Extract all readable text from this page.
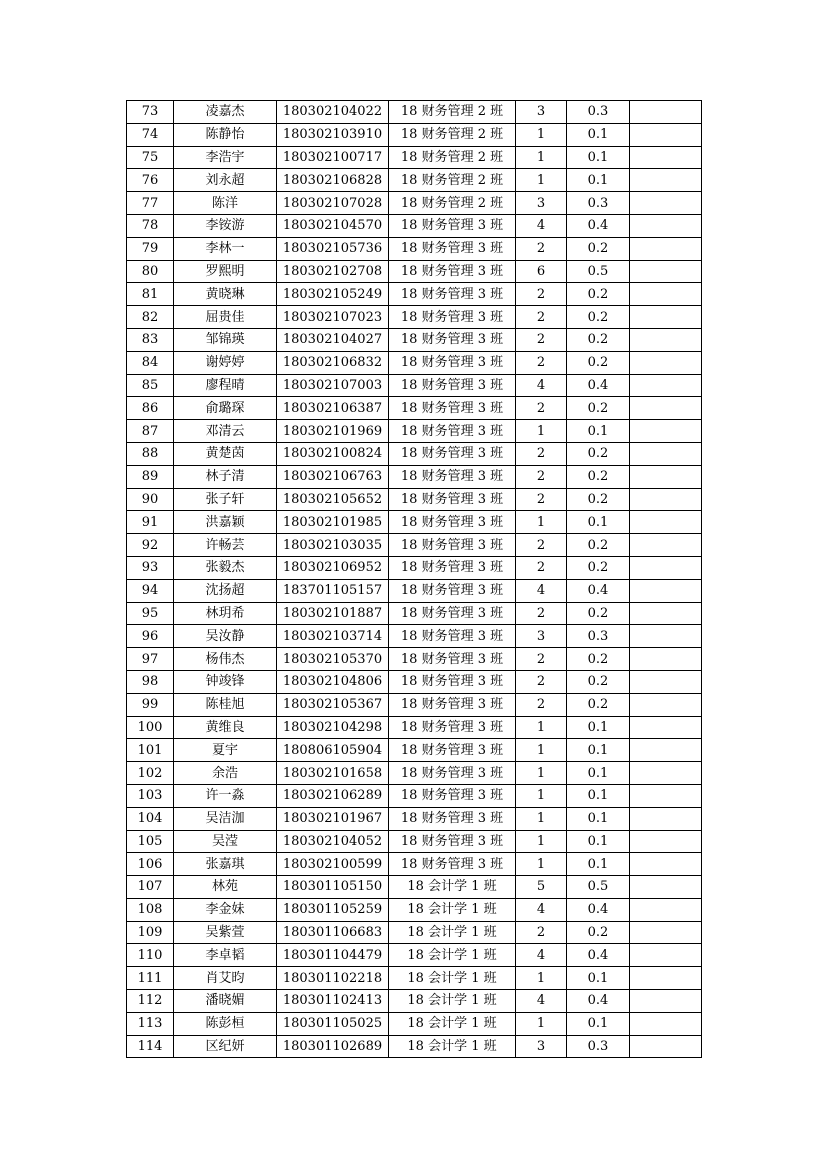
73	凌嘉杰	180302104022	18 财务管理 2 班	3	0.3	
74	陈静怡	180302103910	18 财务管理 2 班	1	0.1	
75	李浩宇	180302100717	18 财务管理 2 班	1	0.1	
76	刘永超	180302106828	18 财务管理 2 班	1	0.1	
77	陈洋	180302107028	18 财务管理 2 班	3	0.3	
78	李铵游	180302104570	18 财务管理 3 班	4	0.4	
79	李林一	180302105736	18 财务管理 3 班	2	0.2	
80	罗熙明	180302102708	18 财务管理 3 班	6	0.5	
81	黄晓琳	180302105249	18 财务管理 3 班	2	0.2	
82	屈贵佳	180302107023	18 财务管理 3 班	2	0.2	
83	邹锦瑛	180302104027	18 财务管理 3 班	2	0.2	
84	谢婷婷	180302106832	18 财务管理 3 班	2	0.2	
85	廖程晴	180302107003	18 财务管理 3 班	4	0.4	
86	俞璐琛	180302106387	18 财务管理 3 班	2	0.2	
87	邓清云	180302101969	18 财务管理 3 班	1	0.1	
88	黄楚茵	180302100824	18 财务管理 3 班	2	0.2	
89	林子清	180302106763	18 财务管理 3 班	2	0.2	
90	张子轩	180302105652	18 财务管理 3 班	2	0.2	
91	洪嘉颖	180302101985	18 财务管理 3 班	1	0.1	
92	许畅芸	180302103035	18 财务管理 3 班	2	0.2	
93	张毅杰	180302106952	18 财务管理 3 班	2	0.2	
94	沈扬超	183701105157	18 财务管理 3 班	4	0.4	
95	林玥希	180302101887	18 财务管理 3 班	2	0.2	
96	吴汝静	180302103714	18 财务管理 3 班	3	0.3	
97	杨伟杰	180302105370	18 财务管理 3 班	2	0.2	
98	钟竣锋	180302104806	18 财务管理 3 班	2	0.2	
99	陈桂旭	180302105367	18 财务管理 3 班	2	0.2	
100	黄维良	180302104298	18 财务管理 3 班	1	0.1	
101	夏宇	180806105904	18 财务管理 3 班	1	0.1	
102	余浩	180302101658	18 财务管理 3 班	1	0.1	
103	许一淼	180302106289	18 财务管理 3 班	1	0.1	
104	吴洁泇	180302101967	18 财务管理 3 班	1	0.1	
105	吴滢	180302104052	18 财务管理 3 班	1	0.1	
106	张嘉琪	180302100599	18 财务管理 3 班	1	0.1	
107	林苑	180301105150	18 会计学 1 班	5	0.5	
108	李金妹	180301105259	18 会计学 1 班	4	0.4	
109	吴紫萱	180301106683	18 会计学 1 班	2	0.2	
110	李卓韬	180301104479	18 会计学 1 班	4	0.4	
111	肖艾昀	180301102218	18 会计学 1 班	1	0.1	
112	潘晓媚	180301102413	18 会计学 1 班	4	0.4	
113	陈彭桓	180301105025	18 会计学 1 班	1	0.1	
114	区纪妍	180301102689	18 会计学 1 班	3	0.3	
